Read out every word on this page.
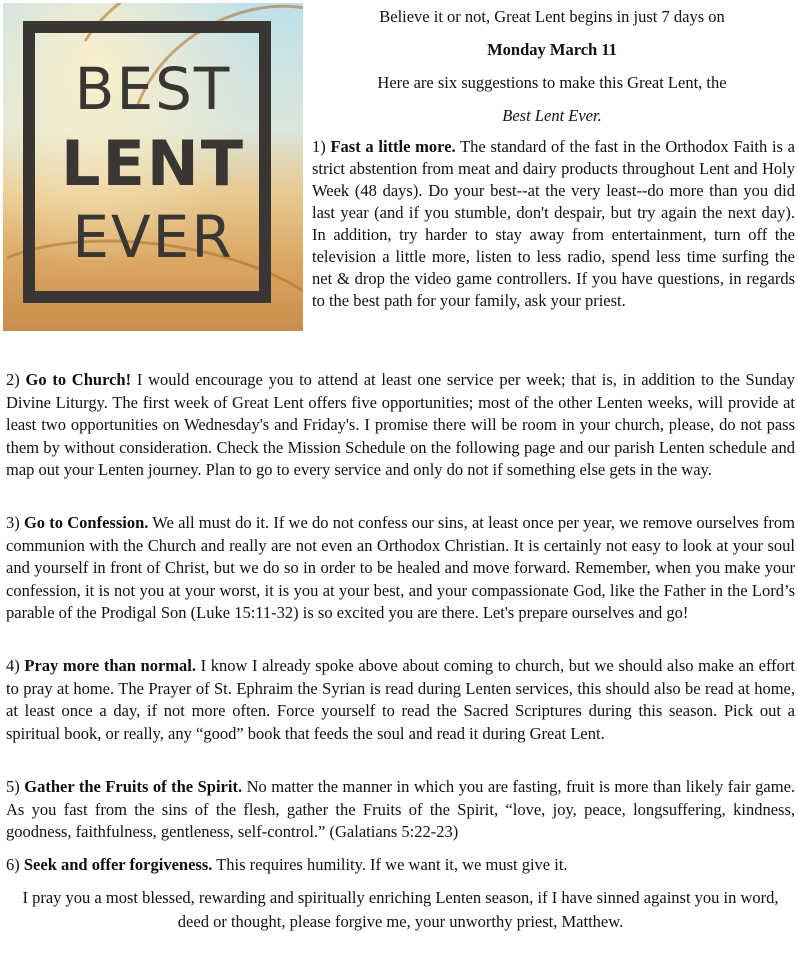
BEST
LENT
EVER

Believe it or not, Great Lent begins in just 7 days on

Monday March 11

Here are six suggestions to make this Great Lent, the

Best Lent Ever.

1) Fast a little more. The standard of the fast in the Orthodox Faith is a strict abstention from meat and dairy products throughout Lent and Holy Week (48 days). Do your best--at the very least--do more than you did last year (and if you stumble, don't despair, but try again the next day). In addition, try harder to stay away from entertainment, turn off the television a little more, listen to less radio, spend less time surfing the net & drop the video game controllers. If you have questions, in regards to the best path for your family, ask your priest.

2) Go to Church! I would encourage you to attend at least one service per week; that is, in addition to the Sunday Divine Liturgy. The first week of Great Lent offers five opportunities; most of the other Lenten weeks, will provide at least two opportunities on Wednesday's and Friday's. I promise there will be room in your church, please, do not pass them by without consideration. Check the Mission Schedule on the following page and our parish Lenten schedule and map out your Lenten journey. Plan to go to every service and only do not if something else gets in the way.

3) Go to Confession. We all must do it. If we do not confess our sins, at least once per year, we remove ourselves from communion with the Church and really are not even an Orthodox Christian. It is certainly not easy to look at your soul and yourself in front of Christ, but we do so in order to be healed and move forward. Remember, when you make your confession, it is not you at your worst, it is you at your best, and your compassionate God, like the Father in the Lord’s parable of the Prodigal Son (Luke 15:11-32) is so excited you are there. Let's prepare ourselves and go!

4) Pray more than normal. I know I already spoke above about coming to church, but we should also make an effort to pray at home. The Prayer of St. Ephraim the Syrian is read during Lenten services, this should also be read at home, at least once a day, if not more often. Force yourself to read the Sacred Scriptures during this season. Pick out a spiritual book, or really, any “good” book that feeds the soul and read it during Great Lent.

5) Gather the Fruits of the Spirit. No matter the manner in which you are fasting, fruit is more than likely fair game. As you fast from the sins of the flesh, gather the Fruits of the Spirit, “love, joy, peace, longsuffering, kindness, goodness, faithfulness, gentleness, self-control.” (Galatians 5:22-23)

6) Seek and offer forgiveness. This requires humility. If we want it, we must give it.

I pray you a most blessed, rewarding and spiritually enriching Lenten season, if I have sinned against you in word, deed or thought, please forgive me, your unworthy priest, Matthew.
